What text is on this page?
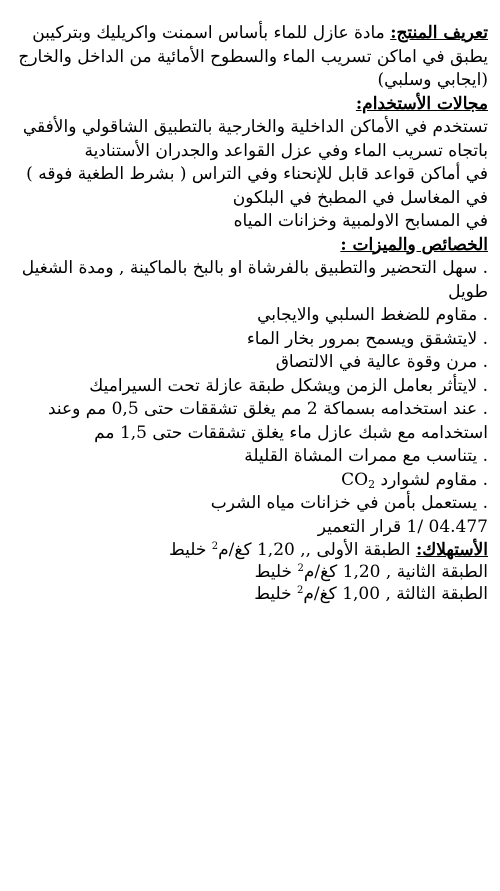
تعريف المنتج: مادة عازل للماء بأساس اسمنت واكريليك وبتركيبن يطبق في اماكن تسريب الماء والسطوح الأمائية من الداخل والخارج (ايجابي وسلبي)

مجالات الأستخدام:

تستخدم في الأماكن الداخلية والخارجية بالتطبيق الشاقولي والأفقي باتجاه تسريب الماء وفي عزل القواعد والجدران الأستنادية

في أماكن قواعد قابل للإنحناء وفي التراس ( بشرط الطغية فوقه ) في المغاسل في المطبخ في البلكون

في المسابح الاولمبية وخزانات المياه

الخصائص والميزات :

. سهل التحضير والتطبيق بالفرشاة او بالبخ بالماكينة , ومدة الشغيل طويل

. مقاوم للضغط السلبي والايجابي

. لايتشقق ويسمح بمرور بخار الماء

. مرن وقوة عالية في الالتصاق

. لايتأثر بعامل الزمن ويشكل طبقة عازلة تحت السيراميك

. عند استخدامه بسماكة 2 مم يغلق تشققات حتى 0,5 مم وعند استخدامه مع شبك عازل ماء يغلق تشققات حتى 1,5 مم

. يتناسب مع ممرات المشاة القليلة

. مقاوم لشوارد $CO_2$

. يستعمل بأمن في خزانات مياه الشرب

04.477 /1 قرار التعمير

الأستهلاك: الطبقة الأولى ,, 1,20 كغ/م$^2$ خليط

الطبقة الثانية , 1,20 كغ/م$^2$ خليط

الطبقة الثالثة , 1,00 كغ/م$^2$ خليط
